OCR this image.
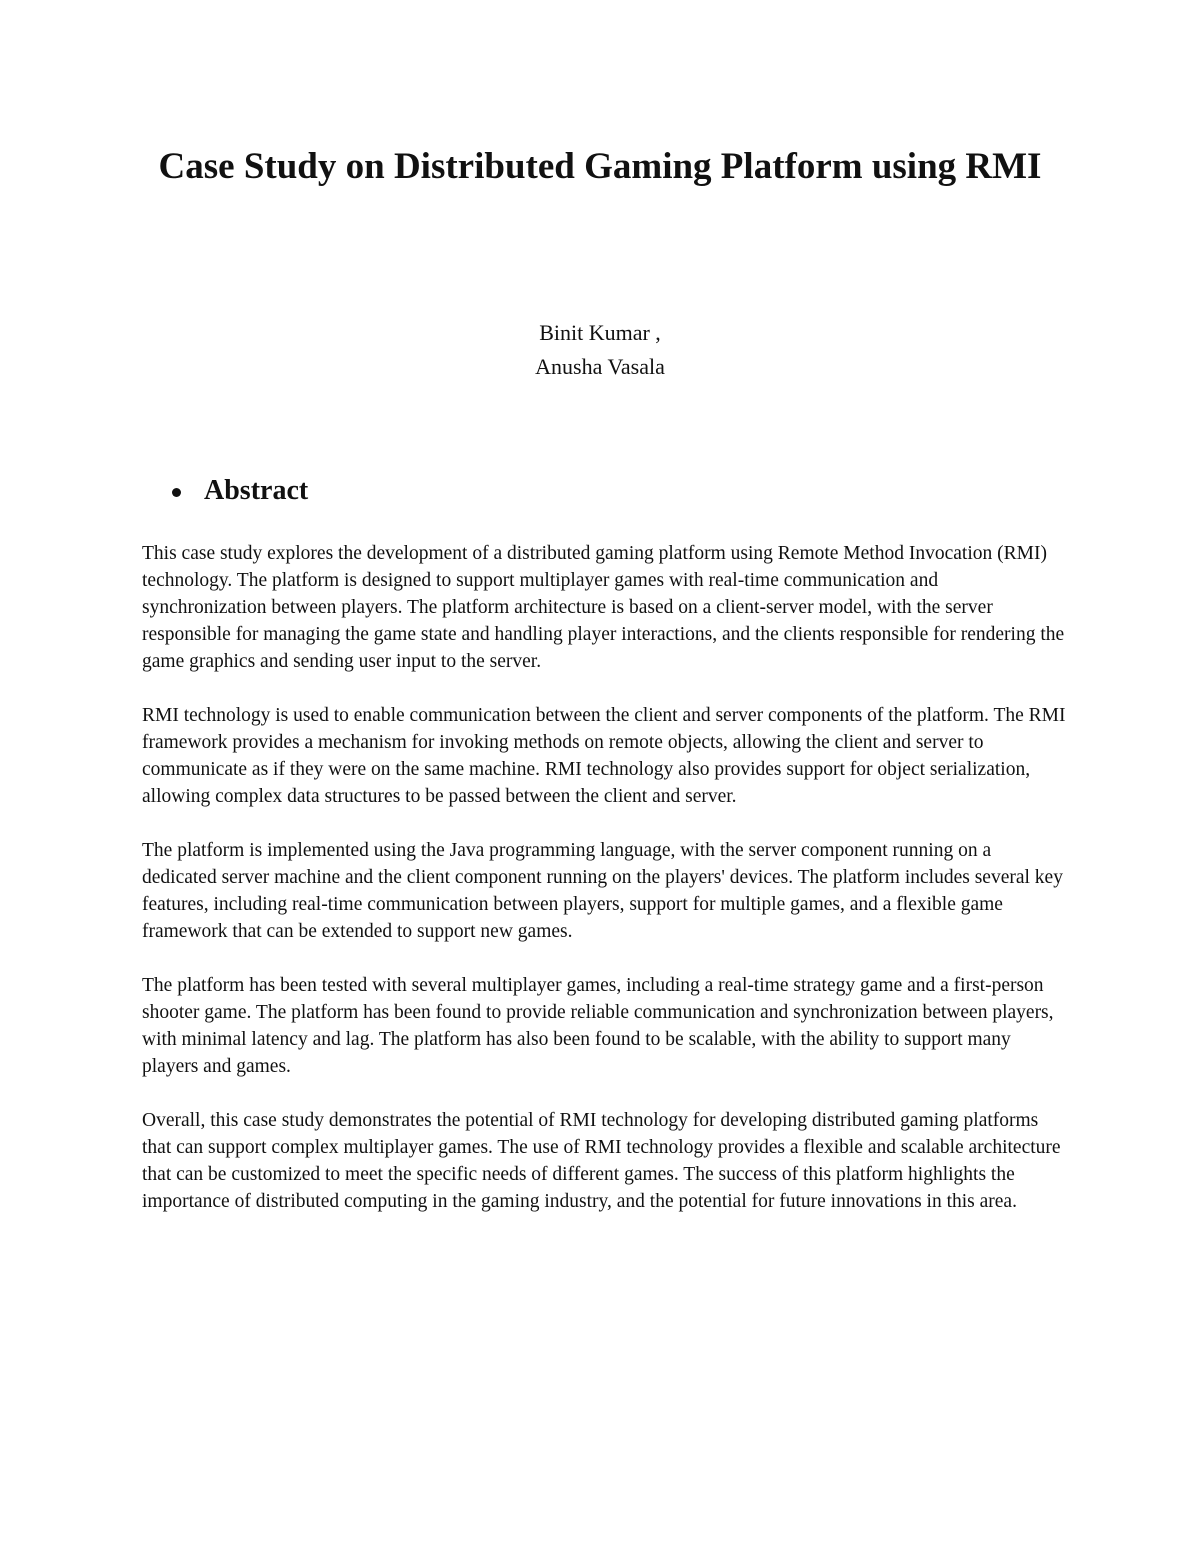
Case Study on Distributed Gaming Platform using RMI
Binit Kumar ,
Anusha Vasala
Abstract

This case study explores the development of a distributed gaming platform using Remote Method Invocation (RMI) technology. The platform is designed to support multiplayer games with real-time communication and synchronization between players. The platform architecture is based on a client-server model, with the server responsible for managing the game state and handling player interactions, and the clients responsible for rendering the game graphics and sending user input to the server.

RMI technology is used to enable communication between the client and server components of the platform. The RMI framework provides a mechanism for invoking methods on remote objects, allowing the client and server to communicate as if they were on the same machine. RMI technology also provides support for object serialization, allowing complex data structures to be passed between the client and server.

The platform is implemented using the Java programming language, with the server component running on a dedicated server machine and the client component running on the players' devices. The platform includes several key features, including real-time communication between players, support for multiple games, and a flexible game framework that can be extended to support new games.

The platform has been tested with several multiplayer games, including a real-time strategy game and a first-person shooter game. The platform has been found to provide reliable communication and synchronization between players, with minimal latency and lag. The platform has also been found to be scalable, with the ability to support many players and games.

Overall, this case study demonstrates the potential of RMI technology for developing distributed gaming platforms that can support complex multiplayer games. The use of RMI technology provides a flexible and scalable architecture that can be customized to meet the specific needs of different games. The success of this platform highlights the importance of distributed computing in the gaming industry, and the potential for future innovations in this area.
